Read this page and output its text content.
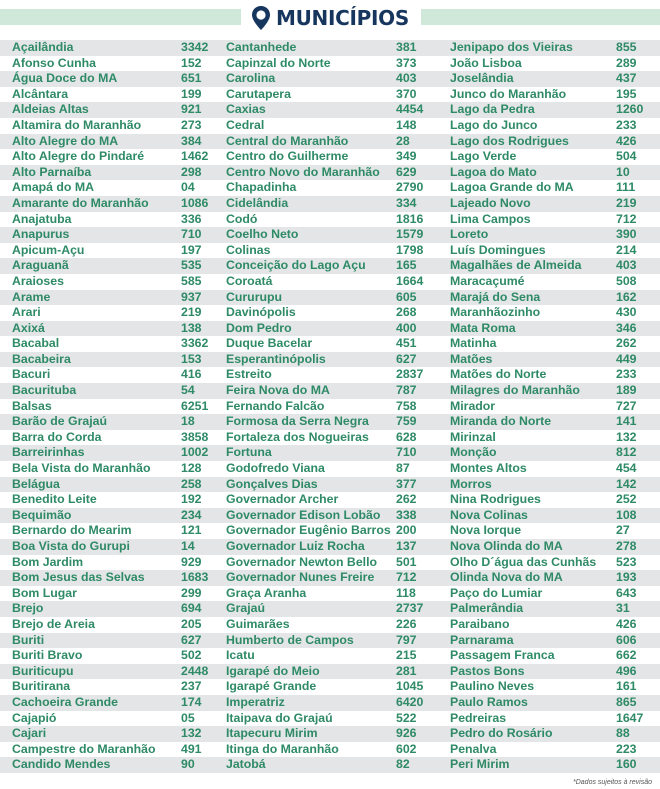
MUNICÍPIOS
Açailândia	3342 Cantanhede	381	Jenipapo dos Vieiras	855
Afonso Cunha	152 Capinzal do Norte	373	João Lisboa	289
Água Doce do MA	651 Carolina	403	Joselândia	437
Alcântara	199 Carutapera	370	Junco do Maranhão	195
Aldeias Altas	921 Caxias	4454 Lago da Pedra	1260
Altamira do Maranhão	273 Cedral	148	Lago do Junco	233
Alto Alegre do MA	384 Central do Maranhão	28	Lago dos Rodrigues	426
Alto Alegre do Pindaré	1462 Centro do Guilherme	349	Lago Verde	504
Alto Parnaíba	298 Centro Novo do Maranhão 629	Lagoa do Mato	10
Amapá do MA	04	Chapadinha	2790 Lagoa Grande do MA	111
Amarante do Maranhão	1086 Cidelândia	334	Lajeado Novo	219
Anajatuba	336 Codó	1816 Lima Campos	712
Anapurus	710 Coelho Neto	1579 Loreto	390
Apicum-Açu	197 Colinas	1798 Luís Domingues	214
Araguanã	535 Conceição do Lago Açu 165	Magalhães de Almeida	403
Araioses	585 Coroatá	1664 Maracaçumé	508
Arame	937 Cururupu	605	Marajá do Sena	162
Arari	219 Davinópolis	268	Maranhãozinho	430
Axixá	138 Dom Pedro	400	Mata Roma	346
Bacabal	3362 Duque Bacelar	451	Matinha	262
Bacabeira	153 Esperantinópolis	627	Matões	449
Bacuri	416 Estreito	2837 Matões do Norte	233
Bacurituba	54	Feira Nova do MA	787	Milagres do Maranhão	189
Balsas	6251 Fernando Falcão	758	Mirador	727
Barão de Grajaú	18	Formosa da Serra Negra 759	Miranda do Norte	141
Barra do Corda	3858 Fortaleza dos Nogueiras 628	Mirinzal	132
Barreirinhas	1002 Fortuna	710	Monção	812
Bela Vista do Maranhão 128 Godofredo Viana	87	Montes Altos	454
Belágua	258 Gonçalves Dias	377	Morros	142
Benedito Leite	192 Governador Archer	262	Nina Rodrigues	252
Bequimão	234 Governador Edison Lobão 338	Nova Colinas	108
Bernardo do Mearim	121 Governador Eugênio Barros 200	Nova Iorque	27
Boa Vista do Gurupi	14	Governador Luiz Rocha	137	Nova Olinda do MA	278
Bom Jardim	929 Governador Newton Bello 501	Olho D´água das Cunhãs 523
Bom Jesus das Selvas	1683 Governador Nunes Freire 712	Olinda Nova do MA	193
Bom Lugar	299 Graça Aranha	118	Paço do Lumiar	643
Brejo	694 Grajaú	2737 Palmerândia	31
Brejo de Areia	205 Guimarães	226	Paraibano	426
Buriti	627 Humberto de Campos	797	Parnarama	606
Buriti Bravo	502 Icatu	215	Passagem Franca	662
Buriticupu	2448 Igarapé do Meio	281	Pastos Bons	496
Buritirana	237 Igarapé Grande	1045 Paulino Neves	161
Cachoeira Grande	174 Imperatriz	6420 Paulo Ramos	865
Cajapió	05	Itaipava do Grajaú	522	Pedreiras	1647
Cajari	132 Itapecuru Mirim	926	Pedro do Rosário	88
Campestre do Maranhão 491 Itinga do Maranhão	602	Penalva	223
Candido Mendes	90	Jatobá	82	Peri Mirim	160
*Dados sujeitos à revisão
